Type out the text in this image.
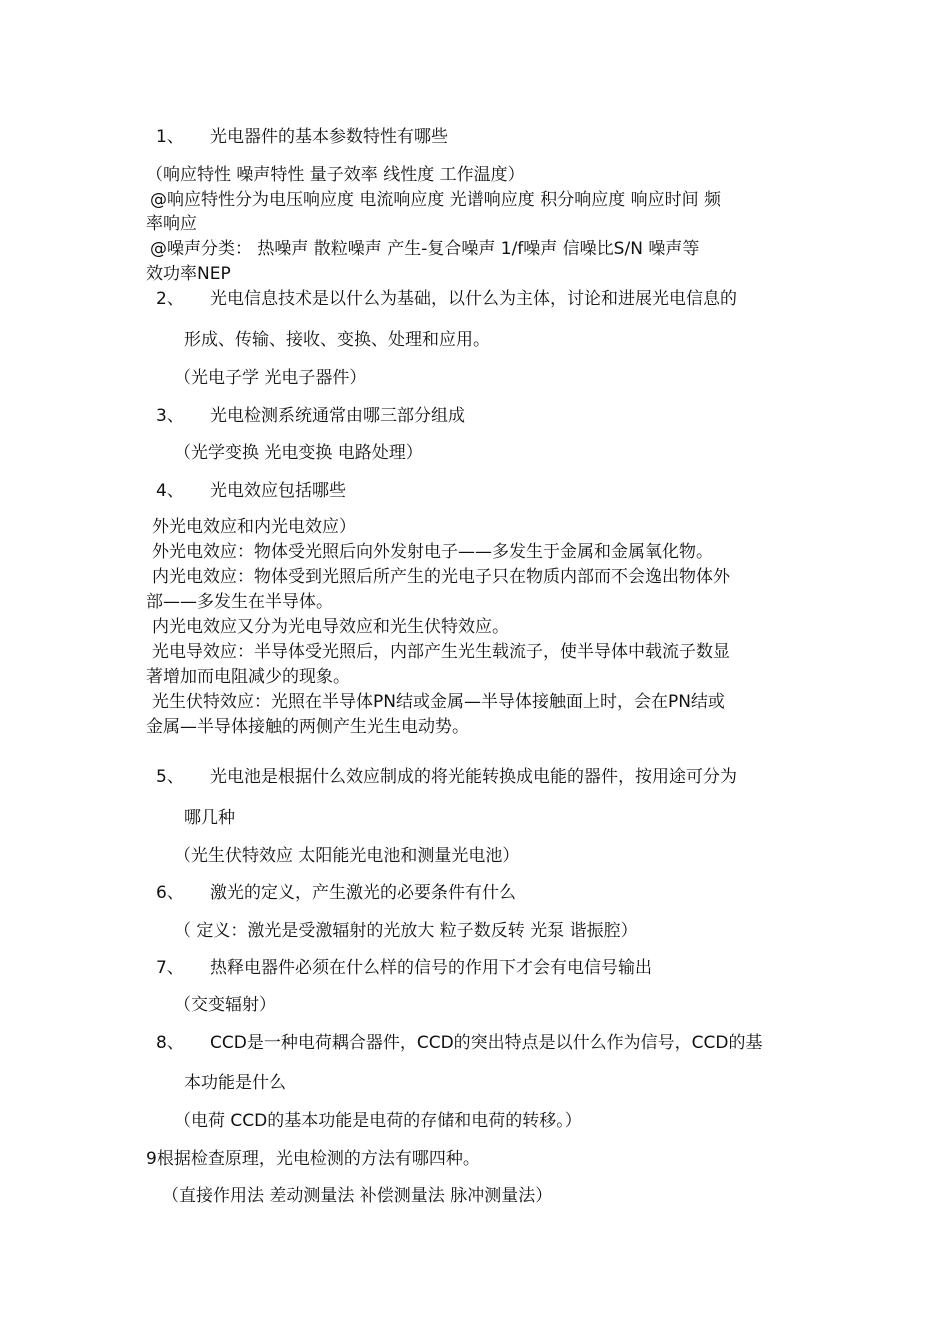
1、 光电器件的基本参数特性有哪些
（响应特性 噪声特性 量子效率 线性度 工作温度）
@响应特性分为电压响应度 电流响应度 光谱响应度 积分响应度 响应时间 频
率响应
@噪声分类： 热噪声 散粒噪声 产生-复合噪声 1/f噪声 信噪比S/N 噪声等
效功率NEP
2、 光电信息技术是以什么为基础，以什么为主体，讨论和进展光电信息的
形成、传输、接收、变换、处理和应用。
（光电子学 光电子器件）
3、 光电检测系统通常由哪三部分组成
（光学变换 光电变换 电路处理）
4、 光电效应包括哪些
外光电效应和内光电效应）
外光电效应：物体受光照后向外发射电子——多发生于金属和金属氧化物。
内光电效应：物体受到光照后所产生的光电子只在物质内部而不会逸出物体外
部——多发生在半导体。
内光电效应又分为光电导效应和光生伏特效应。
光电导效应：半导体受光照后，内部产生光生载流子，使半导体中载流子数显
著增加而电阻减少的现象。
光生伏特效应：光照在半导体PN结或金属—半导体接触面上时，会在PN结或
金属—半导体接触的两侧产生光生电动势。
5、 光电池是根据什么效应制成的将光能转换成电能的器件，按用途可分为
哪几种
（光生伏特效应 太阳能光电池和测量光电池）
6、 激光的定义，产生激光的必要条件有什么
（ 定义：激光是受激辐射的光放大 粒子数反转 光泵 谐振腔）
7、 热释电器件必须在什么样的信号的作用下才会有电信号输出
（交变辐射）
8、 CCD是一种电荷耦合器件，CCD的突出特点是以什么作为信号，CCD的基
本功能是什么
（电荷 CCD的基本功能是电荷的存储和电荷的转移。）
9根据检查原理，光电检测的方法有哪四种。
（直接作用法 差动测量法 补偿测量法 脉冲测量法）
